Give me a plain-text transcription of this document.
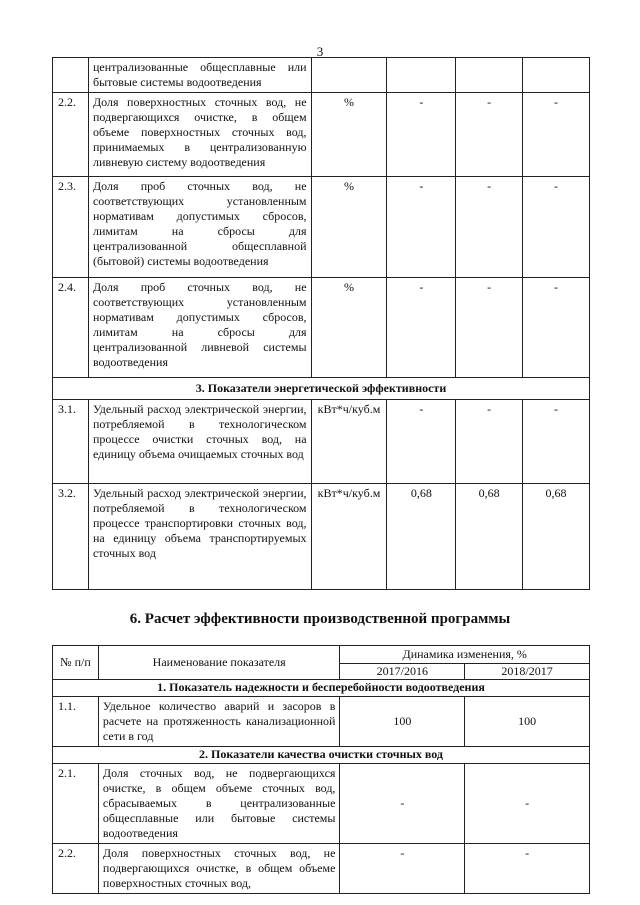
3
	централизованные общесплавные или бытовые системы водоотведения				
2.2.	Доля поверхностных сточных вод, не подвергающихся очистке, в общем объеме поверхностных сточных вод, принимаемых в централизованную ливневую систему водоотведения	%	-	-	-
2.3.	Доля проб сточных вод, не соответствующих установленным нормативам допустимых сбросов, лимитам на сбросы для централизованной общесплавной (бытовой) системы водоотведения	%	-	-	-
2.4.	Доля проб сточных вод, не соответствующих установленным нормативам допустимых сбросов, лимитам на сбросы для централизованной ливневой системы водоотведения	%	-	-	-
3. Показатели энергетической эффективности					
3.1.	Удельный расход электрической энергии, потребляемой в технологическом процессе очистки сточных вод, на единицу объема очищаемых сточных вод	кВт*ч/куб.м	-	-	-
3.2.	Удельный расход электрической энергии, потребляемой в технологическом процессе транспортировки сточных вод, на единицу объема транспортируемых сточных вод	кВт*ч/куб.м	0,68	0,68	0,68
6. Расчет эффективности производственной программы
№ п/п	Наименование показателя	Динамика изменения, %	
		2017/2016	2018/2017
1. Показатель надежности и бесперебойности водоотведения			
1.1.	Удельное количество аварий и засоров в расчете на протяженность канализационной сети в год	100	100
2. Показатели качества очистки сточных вод			
2.1.	Доля сточных вод, не подвергающихся очистке, в общем объеме сточных вод, сбрасываемых в централизованные общесплавные или бытовые системы водоотведения	-	-
2.2.	Доля поверхностных сточных вод, не подвергающихся очистке, в общем объеме поверхностных сточных вод,	-	-
